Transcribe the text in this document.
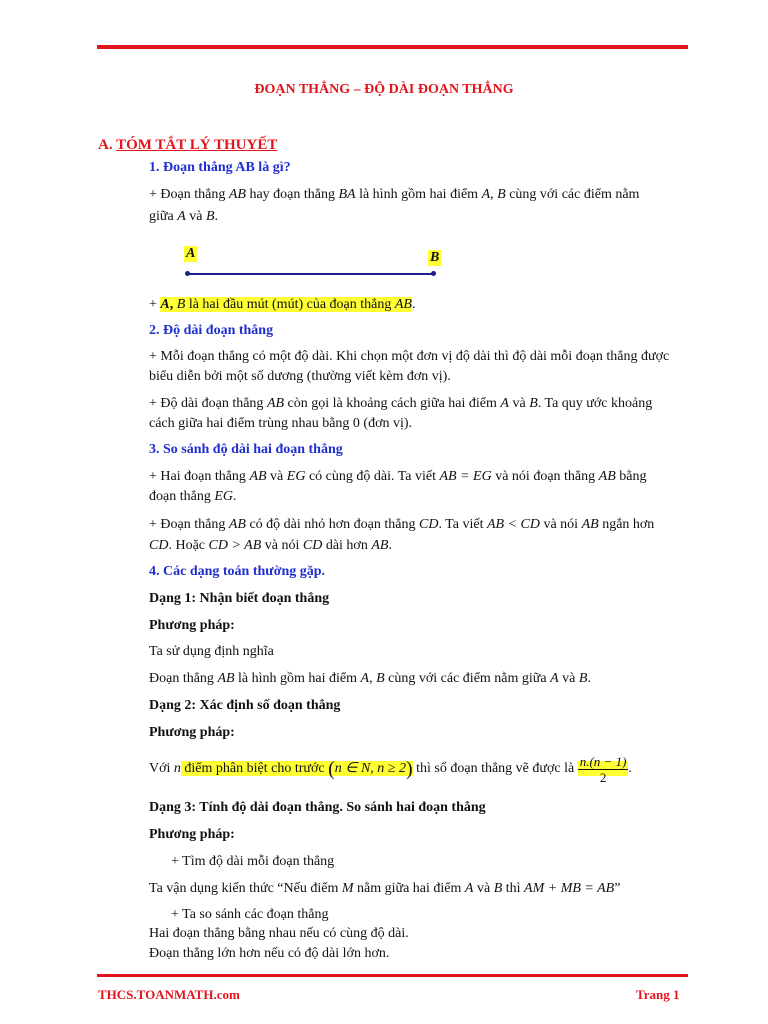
ĐOẠN THẲNG – ĐỘ DÀI ĐOẠN THẲNG
A. TÓM TẮT LÝ THUYẾT
1. Đoạn thẳng AB là gì?
+ Đoạn thẳng AB hay đoạn thẳng BA là hình gồm hai điểm A, B cùng với các điểm nằm
giữa A và B.
A	B
+ A, B là hai đầu mút (mút) của đoạn thẳng AB.
2. Độ dài đoạn thẳng
+ Mỗi đoạn thẳng có một độ dài. Khi chọn một đơn vị độ dài thì độ dài mỗi đoạn thẳng được
biểu diễn bởi một số dương (thường viết kèm đơn vị).
+ Độ dài đoạn thẳng AB còn gọi là khoảng cách giữa hai điểm A và B. Ta quy ước khoảng
cách giữa hai điểm trùng nhau bằng 0 (đơn vị).
3. So sánh độ dài hai đoạn thẳng
+ Hai đoạn thẳng AB và EG có cùng độ dài. Ta viết AB = EG và nói đoạn thẳng AB bằng
đoạn thẳng EG.
+ Đoạn thẳng AB có độ dài nhỏ hơn đoạn thẳng CD. Ta viết AB < CD và nói AB ngắn hơn
CD. Hoặc CD > AB và nói CD dài hơn AB.
4. Các dạng toán thường gặp.
Dạng 1: Nhận biết đoạn thẳng
Phương pháp:
Ta sử dụng định nghĩa
Đoạn thẳng AB là hình gồm hai điểm A, B cùng với các điểm nằm giữa A và B.
Dạng 2: Xác định số đoạn thẳng
Phương pháp:
Với n điểm phân biệt cho trước (n ∈ N, n ≥ 2) thì số đoạn thẳng vẽ được là $\frac{n.(n - 1)}{2}$ .
Dạng 3: Tính độ dài đoạn thẳng. So sánh hai đoạn thẳng
Phương pháp:
+ Tìm độ dài mỗi đoạn thẳng
Ta vận dụng kiến thức “Nếu điểm M nằm giữa hai điểm A và B thì AM + MB = AB”
+ Ta so sánh các đoạn thẳng
Hai đoạn thẳng bằng nhau nếu có cùng độ dài.
Đoạn thẳng lớn hơn nếu có độ dài lớn hơn.
THCS.TOANMATH.com	Trang 1
